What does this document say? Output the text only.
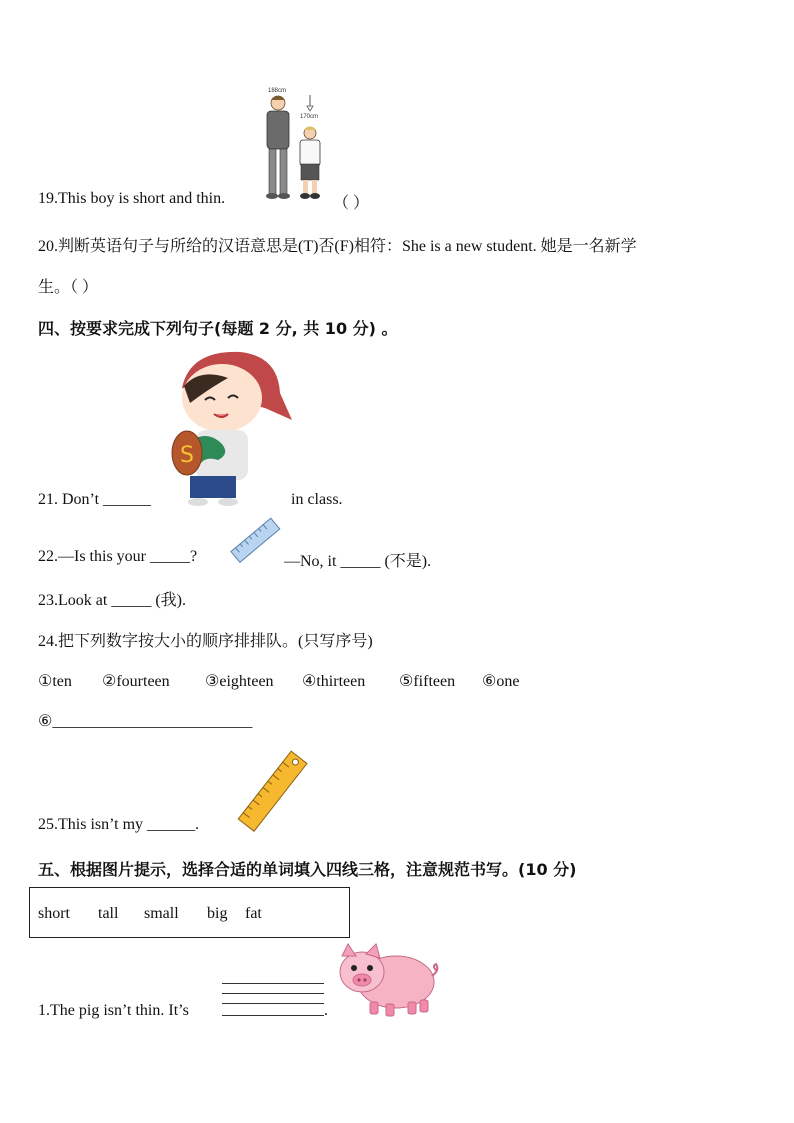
188cm
170cm
19.This boy is short and thin.	（ ）
20.判断英语句子与所给的汉语意思是(T)否(F)相符：She is a new student. 她是一名新学
生。（ ）
四、按要求完成下列句子(每题 2 分, 共 10 分) 。
S
21. Don’t ______	in class.
22.—Is this your _____?	—No, it _____ (不是).
23.Look at _____ (我).
24.把下列数字按大小的顺序排排队。(只写序号)
①ten ②fourteen ③eighteen ④thirteen ⑤fifteen ⑥one
⑥_________________________
25.This isn’t my ______.
五、根据图片提示，选择合适的单词填入四线三格，注意规范书写。(10 分)
short tall small big fat
1.The pig isn’t thin. It’s	.
